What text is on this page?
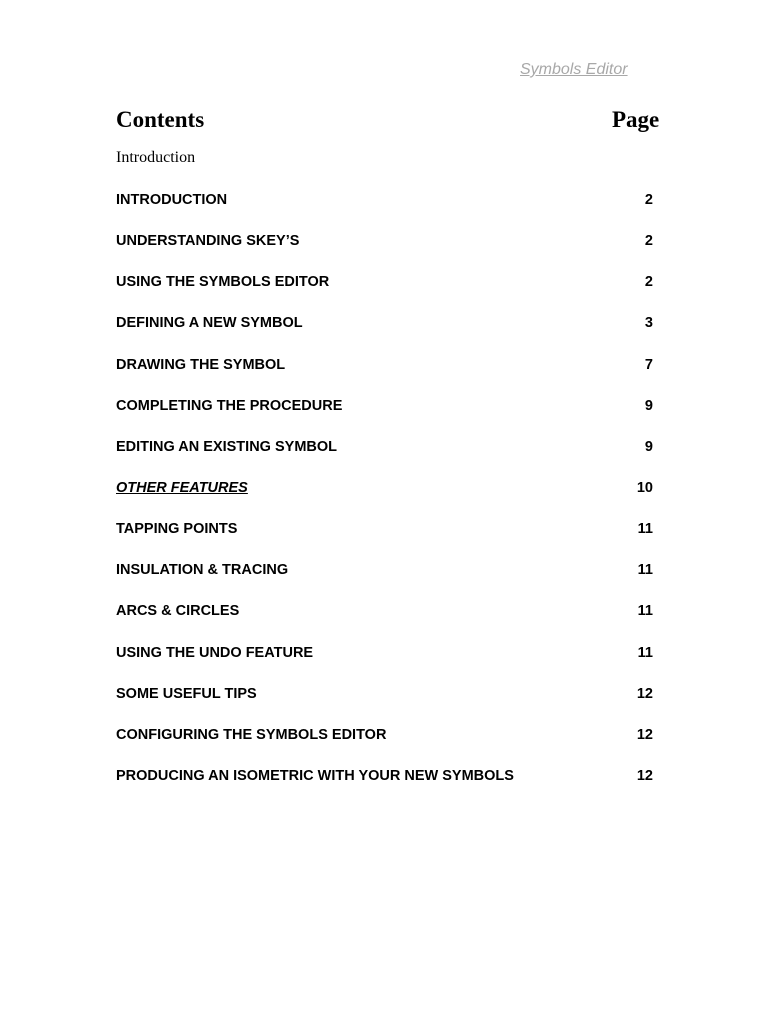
Symbols Editor
Contents	Page
Introduction
INTRODUCTION	2
UNDERSTANDING SKEY’S	2
USING THE SYMBOLS EDITOR	2
DEFINING A NEW SYMBOL	3
DRAWING THE SYMBOL	7
COMPLETING THE PROCEDURE	9
EDITING AN EXISTING SYMBOL	9
OTHER FEATURES	10
TAPPING POINTS	11
INSULATION & TRACING	11
ARCS & CIRCLES	11
USING THE UNDO FEATURE	11
SOME USEFUL TIPS	12
CONFIGURING THE SYMBOLS EDITOR	12
PRODUCING AN ISOMETRIC WITH YOUR NEW SYMBOLS	12
